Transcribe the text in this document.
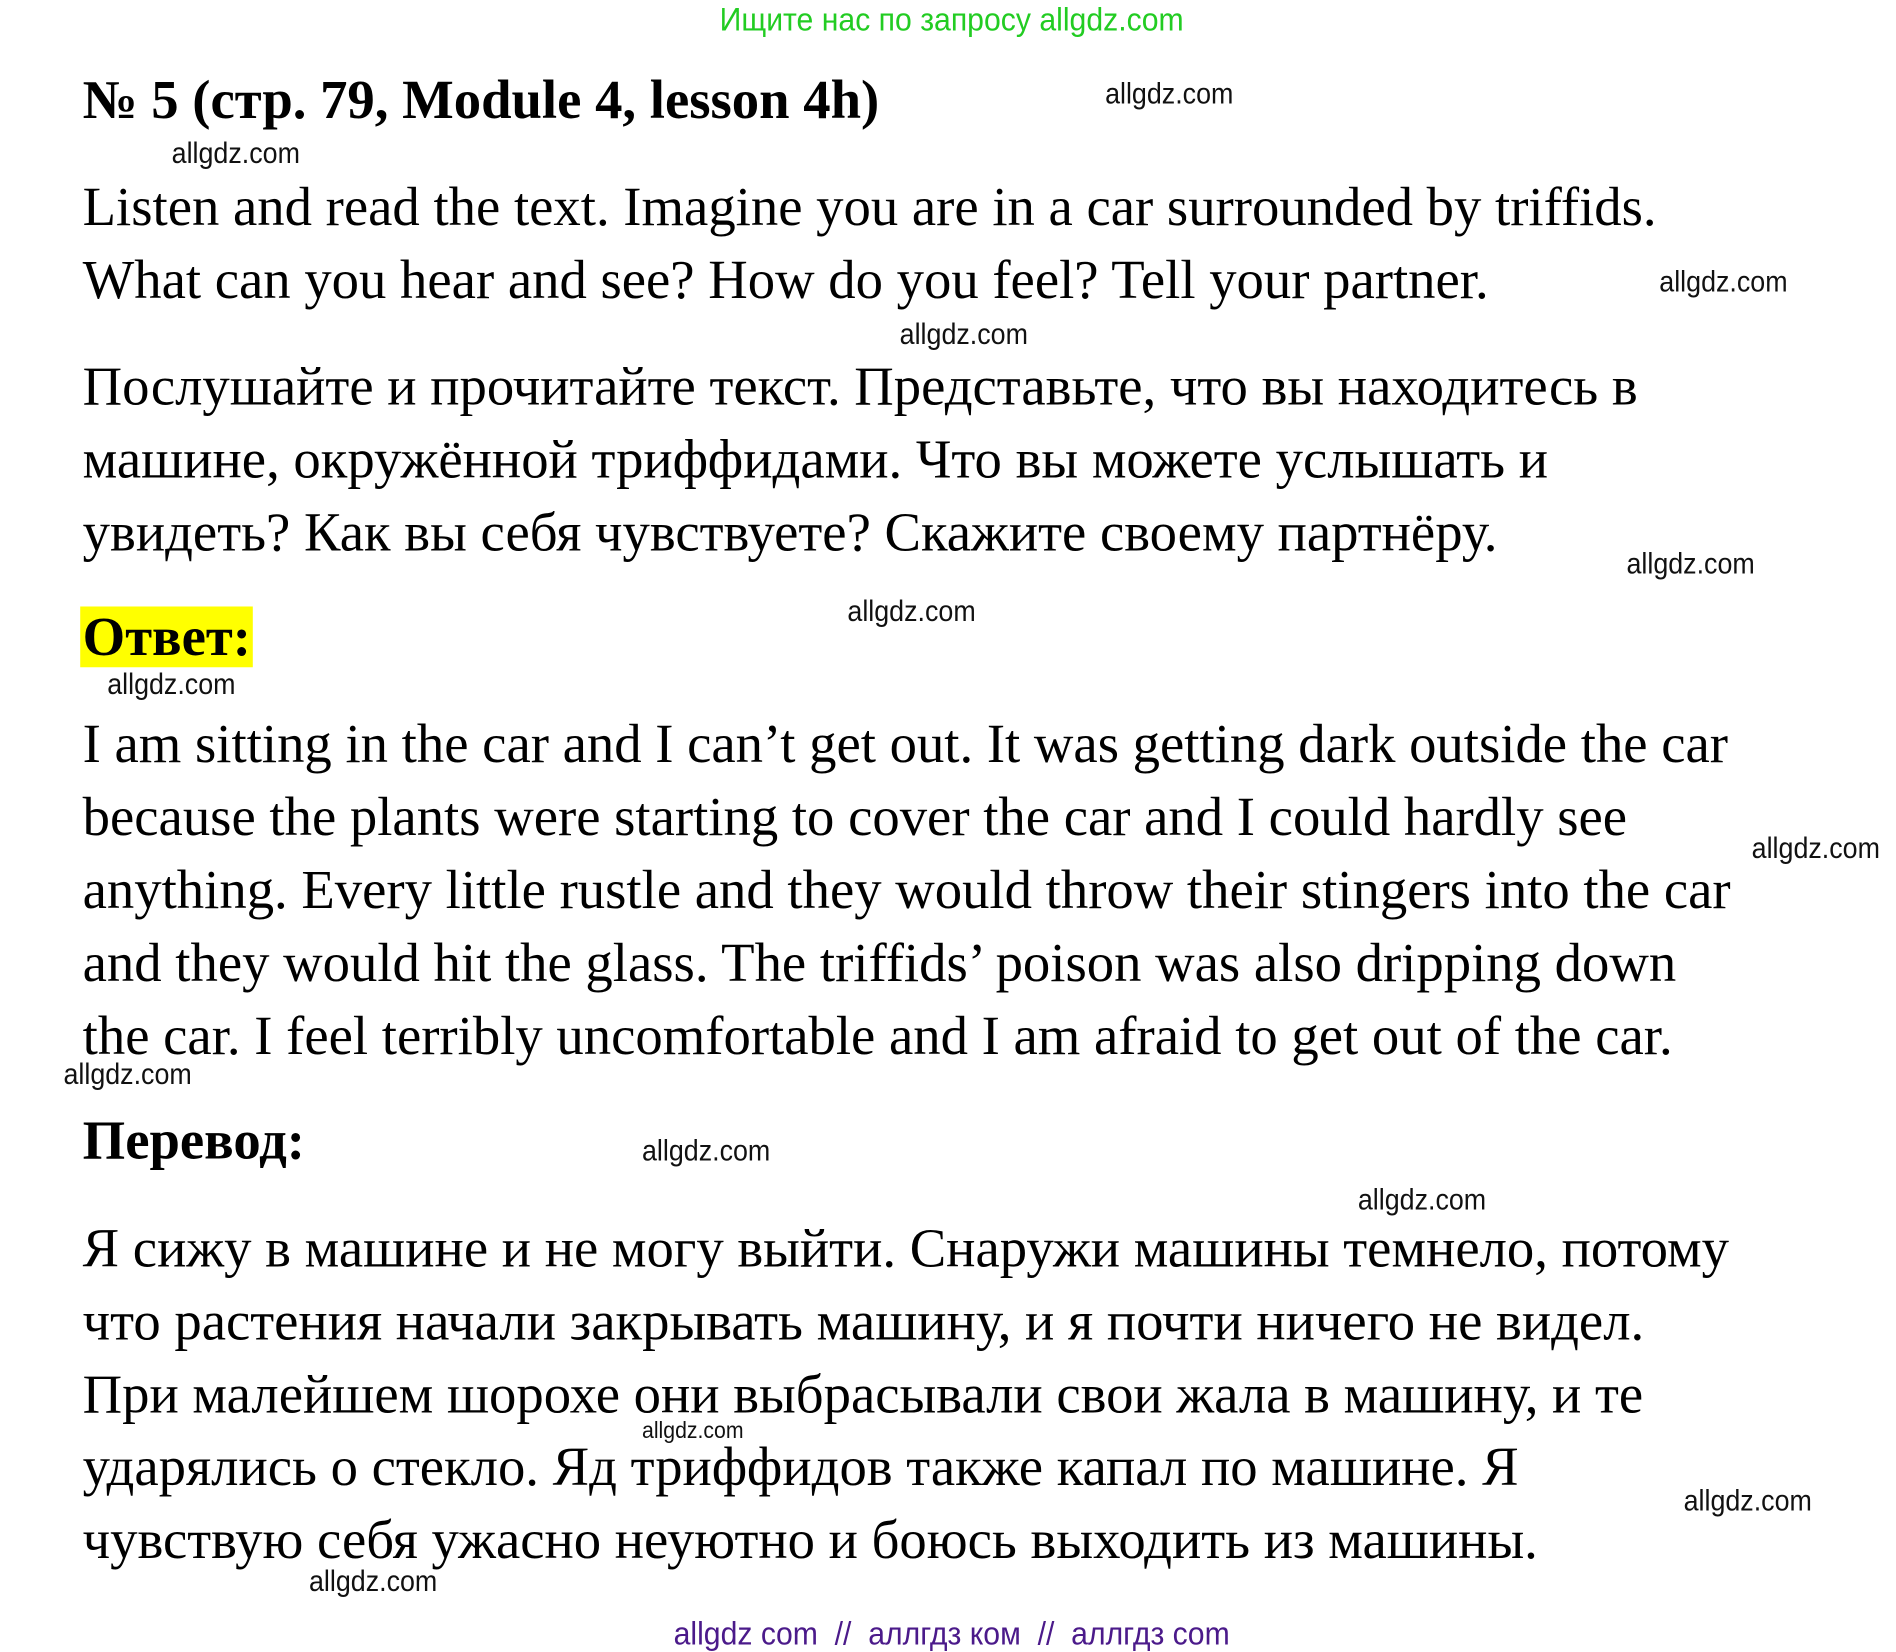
Ищите нас по запросу allgdz.com
№ 5 (стр. 79, Module 4, lesson 4h)
Listen and read the text. Imagine you are in a car surrounded by triffids.
What can you hear and see? How do you feel? Tell your partner.
Послушайте и прочитайте текст. Представьте, что вы находитесь в
машине, окружённой триффидами. Что вы можете услышать и
увидеть? Как вы себя чувствуете? Скажите своему партнёру.
Ответ:
I am sitting in the car and I can’t get out. It was getting dark outside the car
because the plants were starting to cover the car and I could hardly see
anything. Every little rustle and they would throw their stingers into the car
and they would hit the glass. The triffids’ poison was also dripping down
the car. I feel terribly uncomfortable and I am afraid to get out of the car.
Перевод:
Я сижу в машине и не могу выйти. Снаружи машины темнело, потому
что растения начали закрывать машину, и я почти ничего не видел.
При малейшем шорохе они выбрасывали свои жала в машину, и те
ударялись о стекло. Яд триффидов также капал по машине. Я
чувствую себя ужасно неуютно и боюсь выходить из машины.
allgdz.com
allgdz.com
allgdz.com
allgdz.com
allgdz.com
allgdz.com
allgdz.com
allgdz.com
allgdz.com
allgdz.com
allgdz.com
allgdz.com
allgdz.com
allgdz.com
allgdz com  //  аллгдз ком  //  аллгдз com
